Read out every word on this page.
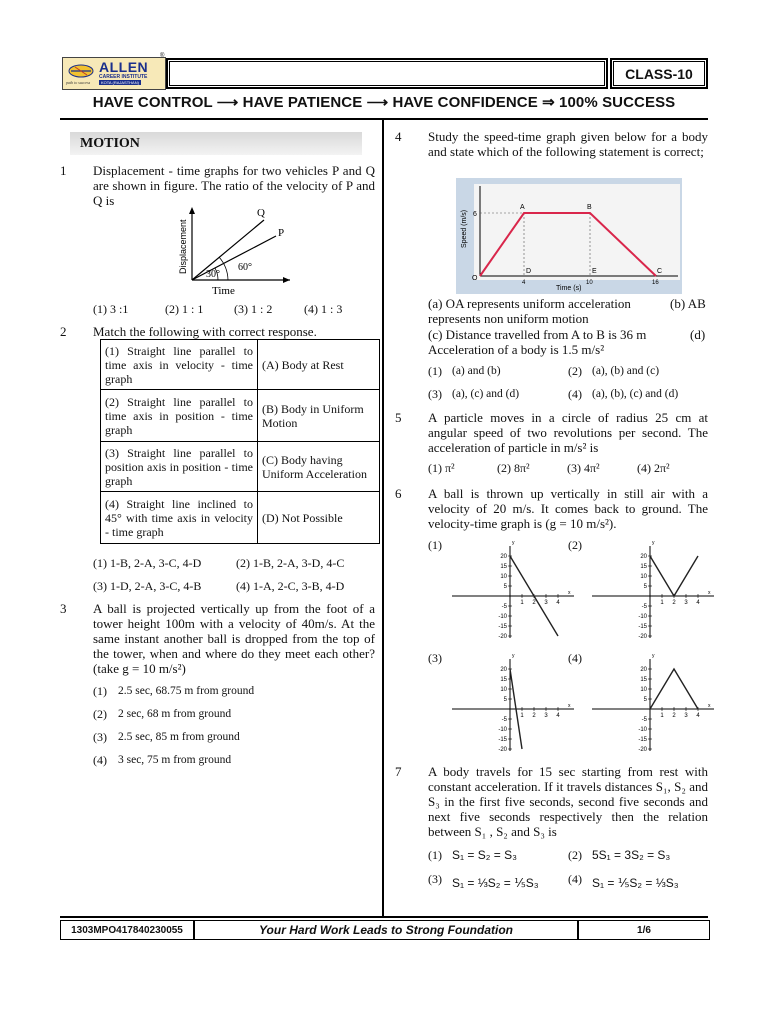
ALLEN
CAREER INSTITUTE
KOTA (RAJASTHAN)
path to success
®
CLASS-10
HAVE CONTROL ⟶ HAVE PATIENCE ⟶ HAVE CONFIDENCE ⇒ 100% SUCCESS
MOTION
1 Displacement - time graphs for two vehicles P and Q are shown in figure. The ratio of the velocity of P and Q is
Displacement
Time
Q
P
30°
60°
(1) 3 :1	(2) 1 : 1	(3) 1 : 2	(4) 1 : 3
2 Match the following with correct response.
(1) Straight line parallel to time axis in velocity - time graph	(A) Body at Rest
(2) Straight line parallel to time axis in position - time graph	(B) Body in Uniform Motion
(3) Straight line parallel to position axis in position - time graph	(C) Body having Uniform Acceleration
(4) Straight line inclined to 45° with time axis in velocity - time graph	(D) Not Possible
(1) 1-B, 2-A, 3-C, 4-D	(2) 1-B, 2-A, 3-D, 4-C
(3) 1-D, 2-A, 3-C, 4-B	(4) 1-A, 2-C, 3-B, 4-D
3 A ball is projected vertically up from the foot of a tower height 100m with a velocity of 40m/s. At the same instant another ball is dropped from the top of the tower, when and where do they meet each other? (take g = 10 m/s²)
(1) 2.5 sec, 68.75 m from ground
(2) 2 sec, 68 m from ground
(3) 2.5 sec, 85 m from ground
(4) 3 sec, 75 m from ground
4 Study the speed-time graph given below for a body and state which of the following statement is correct;
Speed (m/s)
Time (s)
O
A	B
C
D	E
6
4	10	16
(a) OA represents uniform acceleration	(b) AB
represents non uniform motion
(c) Distance travelled from A to B is 36 m	(d)
Acceleration of a body is 1.5 m/s²
(1) (a) and (b)	(2) (a), (b) and (c)
(3) (a), (c) and (d)	(4) (a), (b), (c) and (d)
5 A particle moves in a circle of radius 25 cm at angular speed of two revolutions per second. The acceleration of particle in m/s² is
(1) π²	(2) 8π²	(3) 4π²	(4) 2π²
6 A ball is thrown up vertically in still air with a velocity of 20 m/s. It comes back to ground. The velocity-time graph is (g = 10 m/s²).
(1)	(2)
(3)	(4)
y
x
20
15
10
5
-5
-10
-15
-20
1 2 3 4
y
x
20
15
10
5
-5
-10
-15
-20
1 2 3 4
y
x
20
15
10
5
-5
-10
-15
-20
1 2 3 4
y
x
20
15
10
5
-5
-10
-15
-20
1 2 3 4
7 A body travels for 15 sec starting from rest with constant acceleration. If it travels distances S₁, S₂ and S₃ in the first five seconds, second five seconds and next five seconds respectively then the relation between S₁ , S₂ and S₃ is
(1) S₁ = S₂ = S₃	(2) 5S₁ = 3S₂ = S₃
(3) S₁ = ⅓S₂ = ⅕S₃ (4) S₁ = ⅕S₂ = ⅓S₃
1303MPO417840230055	Your Hard Work Leads to Strong Foundation	1/6
